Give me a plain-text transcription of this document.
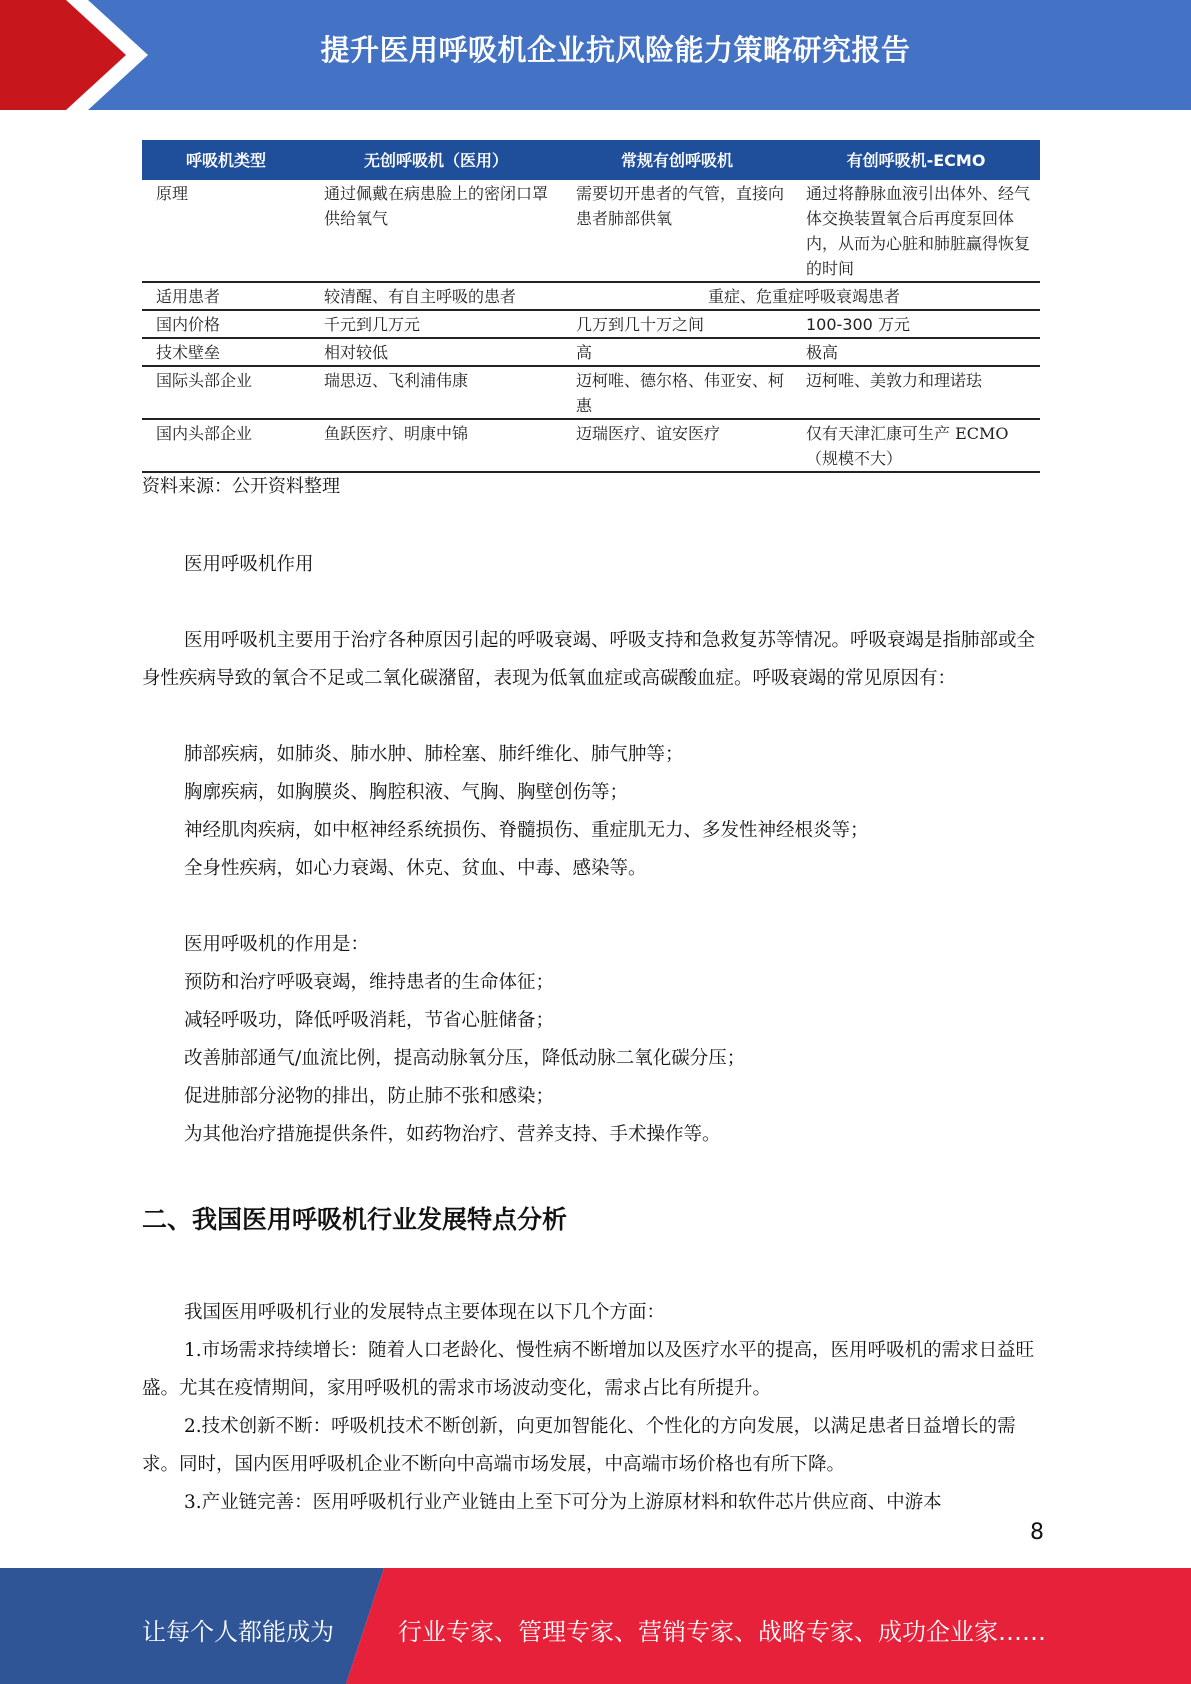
提升医用呼吸机企业抗风险能力策略研究报告
呼吸机类型	无创呼吸机（医用）	常规有创呼吸机	有创呼吸机-ECMO
原理	通过佩戴在病患脸上的密闭口罩供给氧气	需要切开患者的气管，直接向患者肺部供氧	通过将静脉血液引出体外、经气体交换装置氧合后再度泵回体内，从而为心脏和肺脏赢得恢复的时间
适用患者	较清醒、有自主呼吸的患者	重症、危重症呼吸衰竭患者	
国内价格	千元到几万元	几万到几十万之间	100-300 万元
技术壁垒	相对较低	高	极高
国际头部企业	瑞思迈、飞利浦伟康	迈柯唯、德尔格、伟亚安、柯惠	迈柯唯、美敦力和理诺珐
国内头部企业	鱼跃医疗、明康中锦	迈瑞医疗、谊安医疗	仅有天津汇康可生产 ECMO（规模不大）
资料来源：公开资料整理

医用呼吸机作用

医用呼吸机主要用于治疗各种原因引起的呼吸衰竭、呼吸支持和急救复苏等情况。呼吸衰竭是指肺部或全身性疾病导致的氧合不足或二氧化碳潴留，表现为低氧血症或高碳酸血症。呼吸衰竭的常见原因有：

肺部疾病，如肺炎、肺水肿、肺栓塞、肺纤维化、肺气肿等；

胸廓疾病，如胸膜炎、胸腔积液、气胸、胸壁创伤等；

神经肌肉疾病，如中枢神经系统损伤、脊髓损伤、重症肌无力、多发性神经根炎等；

全身性疾病，如心力衰竭、休克、贫血、中毒、感染等。

医用呼吸机的作用是：

预防和治疗呼吸衰竭，维持患者的生命体征；

减轻呼吸功，降低呼吸消耗，节省心脏储备；

改善肺部通气/血流比例，提高动脉氧分压，降低动脉二氧化碳分压；

促进肺部分泌物的排出，防止肺不张和感染；

为其他治疗措施提供条件，如药物治疗、营养支持、手术操作等。

二、我国医用呼吸机行业发展特点分析

我国医用呼吸机行业的发展特点主要体现在以下几个方面：

1.市场需求持续增长：随着人口老龄化、慢性病不断增加以及医疗水平的提高，医用呼吸机的需求日益旺盛。尤其在疫情期间，家用呼吸机的需求市场波动变化，需求占比有所提升。

2.技术创新不断：呼吸机技术不断创新，向更加智能化、个性化的方向发展，以满足患者日益增长的需求。同时，国内医用呼吸机企业不断向中高端市场发展，中高端市场价格也有所下降。

3.产业链完善：医用呼吸机行业产业链由上至下可分为上游原材料和软件芯片供应商、中游本

8
让每个人都能成为	行业专家、管理专家、营销专家、战略专家、成功企业家……
